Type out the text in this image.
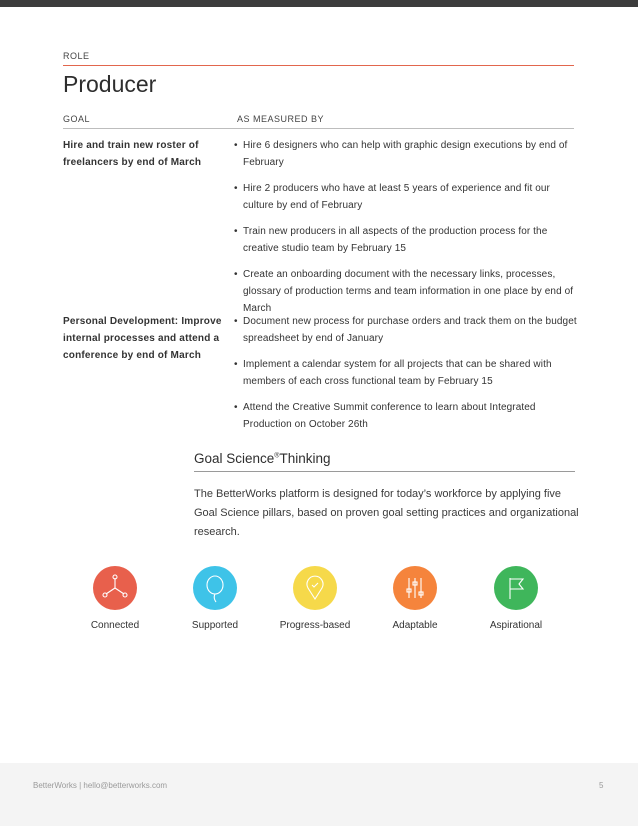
ROLE
Producer
GOAL	AS MEASURED BY
Hire and train new roster of freelancers by end of March
• Hire 6 designers who can help with graphic design executions by end of February
• Hire 2 producers who have at least 5 years of experience and fit our culture by end of February
• Train new producers in all aspects of the production process for the creative studio team by February 15
• Create an onboarding document with the necessary links, processes, glossary of production terms and team information in one place by end of March
Personal Development: Improve internal processes and attend a conference by end of March
• Document new process for purchase orders and track them on the budget spreadsheet by end of January
• Implement a calendar system for all projects that can be shared with members of each cross functional team by February 15
• Attend the Creative Summit conference to learn about Integrated Production on October 26th
Goal Science®Thinking
The BetterWorks platform is designed for today’s workforce by applying five Goal Science pillars, based on proven goal setting practices and organizational research.
Connected	Supported	Progress-based	Adaptable	Aspirational
BetterWorks | hello@betterworks.com	5
